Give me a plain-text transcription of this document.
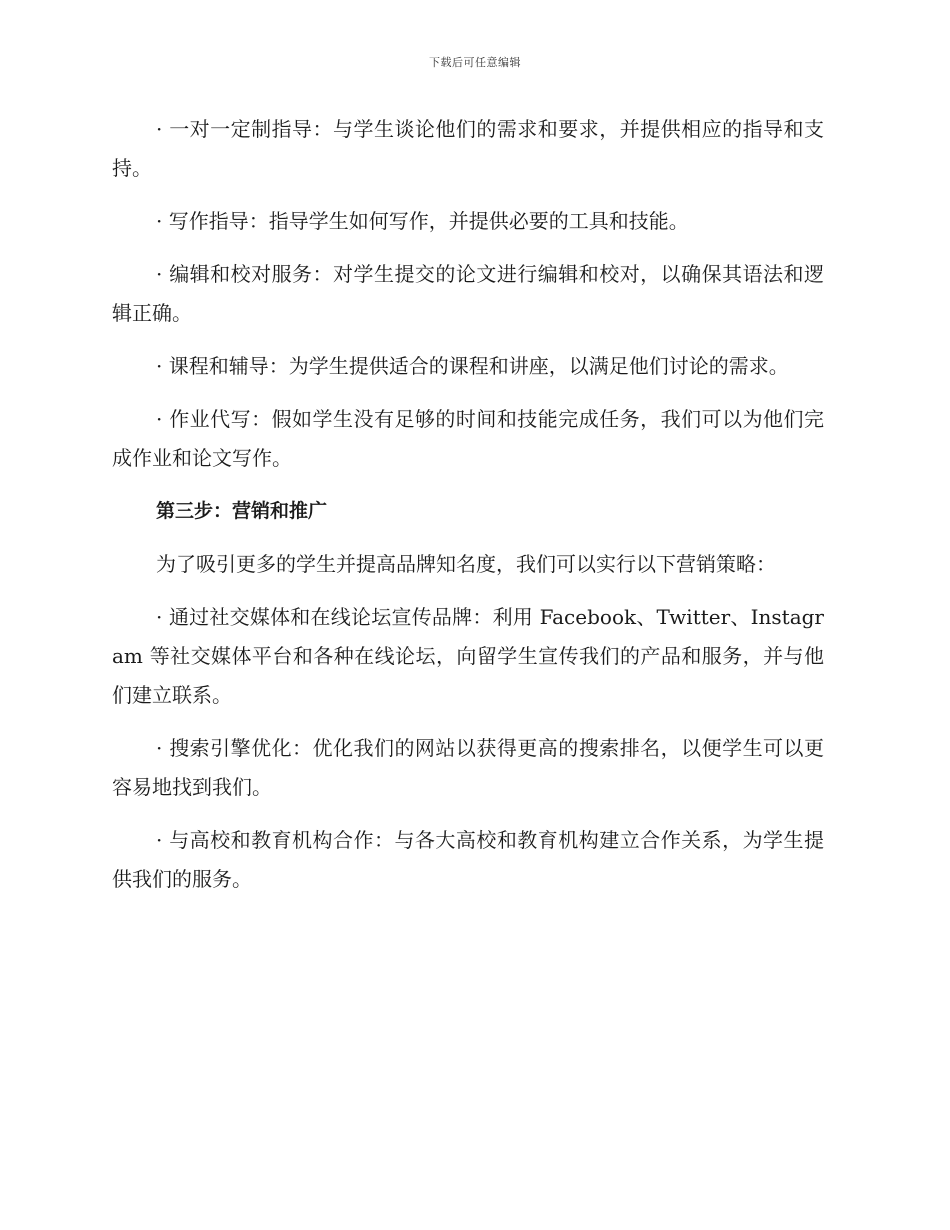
下载后可任意编辑

· 一对一定制指导：与学生谈论他们的需求和要求，并提供相应的指导和支持。

· 写作指导：指导学生如何写作，并提供必要的工具和技能。

· 编辑和校对服务：对学生提交的论文进行编辑和校对，以确保其语法和逻辑正确。

· 课程和辅导：为学生提供适合的课程和讲座，以满足他们讨论的需求。

· 作业代写：假如学生没有足够的时间和技能完成任务，我们可以为他们完成作业和论文写作。

第三步：营销和推广

为了吸引更多的学生并提高品牌知名度，我们可以实行以下营销策略：

· 通过社交媒体和在线论坛宣传品牌：利用 Facebook、Twitter、Instagram 等社交媒体平台和各种在线论坛，向留学生宣传我们的产品和服务，并与他们建立联系。

· 搜索引擎优化：优化我们的网站以获得更高的搜索排名，以便学生可以更容易地找到我们。

· 与高校和教育机构合作：与各大高校和教育机构建立合作关系，为学生提供我们的服务。
